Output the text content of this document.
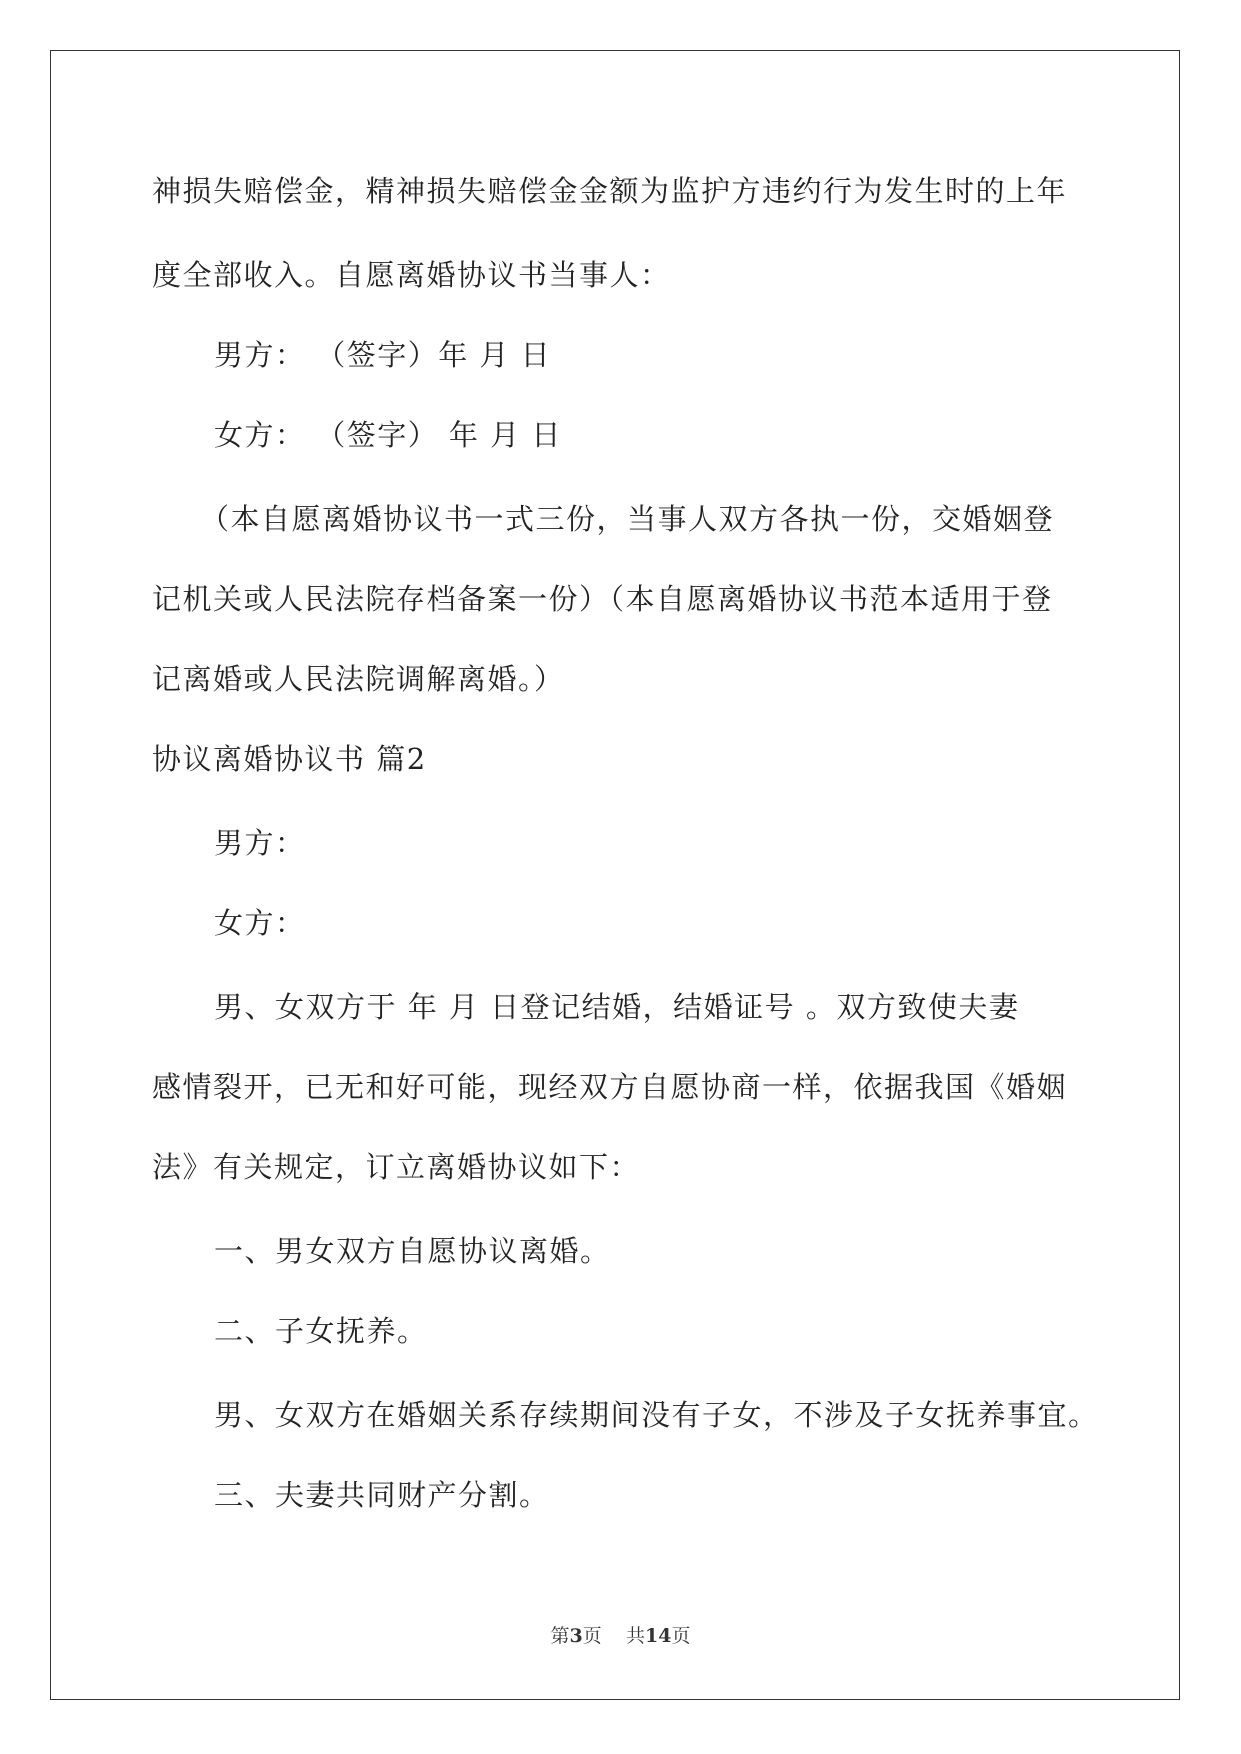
神损失赔偿金，精神损失赔偿金金额为监护方违约行为发生时的上年
度全部收入。自愿离婚协议书当事人：
男方： （签字）年 月 日
女方： （签字） 年 月 日
（本自愿离婚协议书一式三份，当事人双方各执一份，交婚姻登
记机关或人民法院存档备案一份）（本自愿离婚协议书范本适用于登
记离婚或人民法院调解离婚。）
协议离婚协议书 篇2
男方：
女方：
男、女双方于 年 月 日登记结婚，结婚证号 。双方致使夫妻
感情裂开，已无和好可能，现经双方自愿协商一样，依据我国《婚姻
法》有关规定，订立离婚协议如下：
一、男女双方自愿协议离婚。
二、子女抚养。
男、女双方在婚姻关系存续期间没有子女，不涉及子女抚养事宜。
三、夫妻共同财产分割。
第3页 共14页
